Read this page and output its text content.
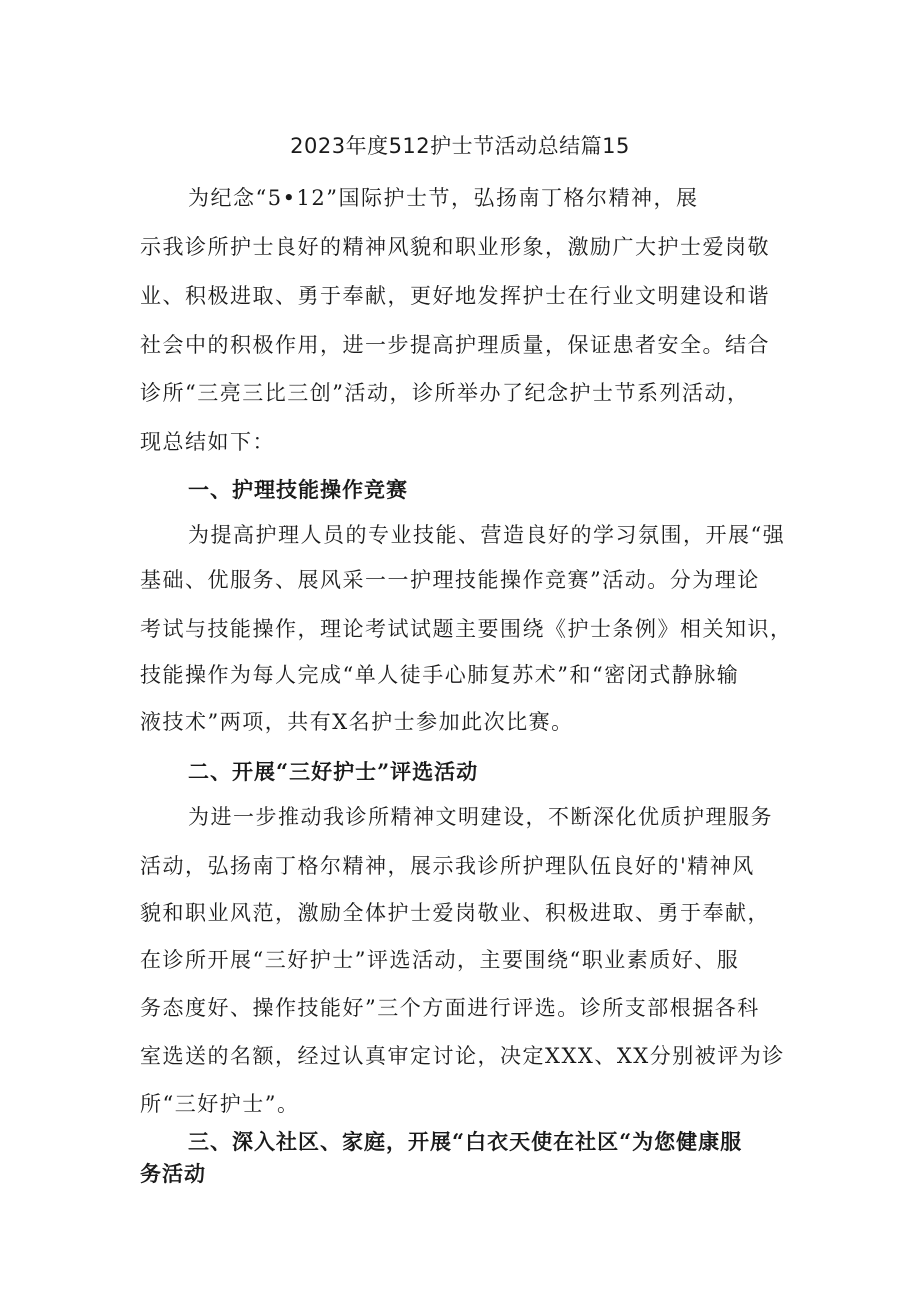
2023年度512护士节活动总结篇15

为纪念“5•12”国际护士节，弘扬南丁格尔精神，展

示我诊所护士良好的精神风貌和职业形象，激励广大护士爱岗敬

业、积极进取、勇于奉献，更好地发挥护士在行业文明建设和谐

社会中的积极作用，进一步提高护理质量，保证患者安全。结合

诊所“三亮三比三创”活动，诊所举办了纪念护士节系列活动，

现总结如下：

一、护理技能操作竞赛

为提高护理人员的专业技能、营造良好的学习氛围，开展“强

基础、优服务、展风采一一护理技能操作竞赛”活动。分为理论

考试与技能操作，理论考试试题主要围绕《护士条例》相关知识，

技能操作为每人完成“单人徒手心肺复苏术”和“密闭式静脉输

液技术”两项，共有X名护士参加此次比赛。

二、开展“三好护士”评选活动

为进一步推动我诊所精神文明建设，不断深化优质护理服务

活动，弘扬南丁格尔精神，展示我诊所护理队伍良好的'精神风

貌和职业风范，激励全体护士爱岗敬业、积极进取、勇于奉献，

在诊所开展“三好护士”评选活动，主要围绕“职业素质好、服

务态度好、操作技能好”三个方面进行评选。诊所支部根据各科

室选送的名额，经过认真审定讨论，决定XXX、XX分别被评为诊

所“三好护士”。

三、深入社区、家庭，开展“白衣天使在社区“为您健康服
务活动
